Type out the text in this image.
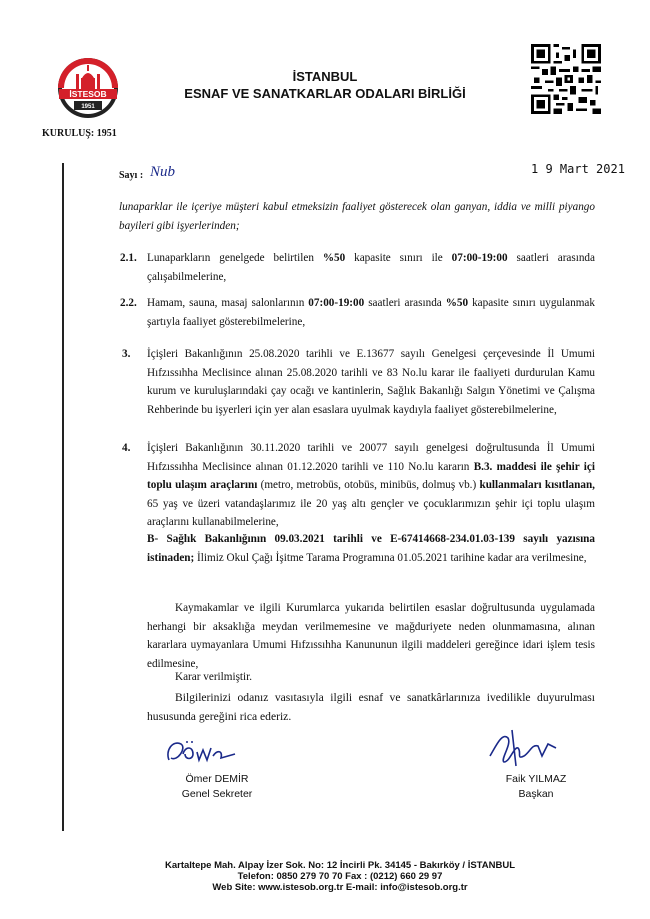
İSTESOB
1951
KURULUŞ: 1951
İSTANBUL
ESNAF VE SANATKARLAR ODALARI BİRLİĞİ
Sayı : Nub	1 9 Mart 2021
lunaparklar ile içeriye müşteri kabul etmeksizin faaliyet gösterecek olan ganyan, iddia ve milli piyango bayileri gibi işyerlerinden;
2.1. Lunaparkların genelgede belirtilen %50 kapasite sınırı ile 07:00-19:00 saatleri arasında çalışabilmelerine,
2.2. Hamam, sauna, masaj salonlarının 07:00-19:00 saatleri arasında %50 kapasite sınırı uygulanmak şartıyla faaliyet gösterebilmelerine,
3. İçişleri Bakanlığının 25.08.2020 tarihli ve E.13677 sayılı Genelgesi çerçevesinde İl Umumi Hıfzıssıhha Meclisince alınan 25.08.2020 tarihli ve 83 No.lu karar ile faaliyeti durdurulan Kamu kurum ve kuruluşlarındaki çay ocağı ve kantinlerin, Sağlık Bakanlığı Salgın Yönetimi ve Çalışma Rehberinde bu işyerleri için yer alan esaslara uyulmak kaydıyla faaliyet gösterebilmelerine,
4. İçişleri Bakanlığının 30.11.2020 tarihli ve 20077 sayılı genelgesi doğrultusunda İl Umumi Hıfzıssıhha Meclisince alınan 01.12.2020 tarihli ve 110 No.lu kararın B.3. maddesi ile şehir içi toplu ulaşım araçlarını (metro, metrobüs, otobüs, minibüs, dolmuş vb.) kullanmaları kısıtlanan, 65 yaş ve üzeri vatandaşlarımız ile 20 yaş altı gençler ve çocuklarımızın şehir içi toplu ulaşım araçlarını kullanabilmelerine,
B- Sağlık Bakanlığının 09.03.2021 tarihli ve E-67414668-234.01.03-139 sayılı yazısına istinaden; İlimiz Okul Çağı İşitme Tarama Programına 01.05.2021 tarihine kadar ara verilmesine,
Kaymakamlar ve ilgili Kurumlarca yukarıda belirtilen esaslar doğrultusunda uygulamada herhangi bir aksaklığa meydan verilmemesine ve mağduriyete neden olunmamasına, alınan kararlara uymayanlara Umumi Hıfzıssıhha Kanununun ilgili maddeleri gereğince idari işlem tesis edilmesine,
Karar verilmiştir.
Bilgilerinizi odanız vasıtasıyla ilgili esnaf ve sanatkârlarınıza ivedilikle duyurulması hususunda gereğini rica ederiz.
Ömer DEMİR
Genel Sekreter
Faik YILMAZ
Başkan
Kartaltepe Mah. Alpay İzer Sok. No: 12 İncirli Pk. 34145 - Bakırköy / İSTANBUL
Telefon: 0850 279 70 70 Fax : (0212) 660 29 97
Web Site: www.istesob.org.tr E-mail: info@istesob.org.tr
